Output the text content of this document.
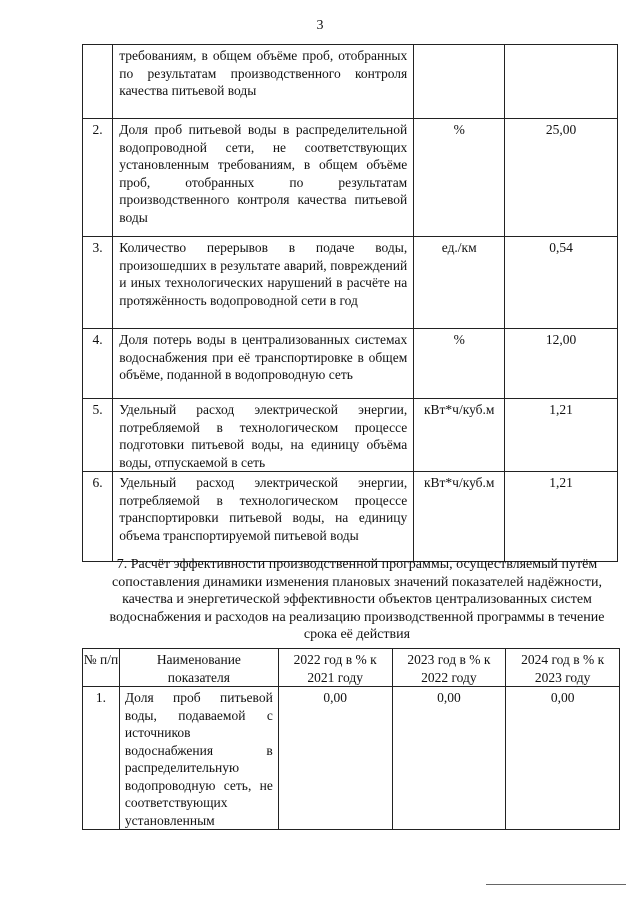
3
	требованиям, в общем объёме проб, отобранных по результатам производственного контроля качества питьевой воды		
2.	Доля проб питьевой воды в распределительной водопроводной сети, не соответствующих установленным требованиям, в общем объёме проб, отобранных по результатам производственного контроля качества питьевой воды	%	25,00
3.	Количество перерывов в подаче воды, произошедших в результате аварий, повреждений и иных технологических нарушений в расчёте на протяжённость водопроводной сети в год	ед./км	0,54
4.	Доля потерь воды в централизованных системах водоснабжения при её транспортировке в общем объёме, поданной в водопроводную сеть	%	12,00
5.	Удельный расход электрической энергии, потребляемой в технологическом процессе подготовки питьевой воды, на единицу объёма воды, отпускаемой в сеть	кВт*ч/куб.м	1,21
6.	Удельный расход электрической энергии, потребляемой в технологическом процессе транспортировки питьевой воды, на единицу объема транспортируемой питьевой воды	кВт*ч/куб.м	1,21
7. Расчёт эффективности производственной программы, осуществляемый путём сопоставления динамики изменения плановых значений показателей надёжности, качества и энергетической эффективности объектов централизованных систем водоснабжения и расходов на реализацию производственной программы в течение срока её действия
№ п/п	Наименование показателя	2022 год в % к 2021 году	2023 год в % к 2022 году	2024 год в % к 2023 году
1.	Доля проб питьевой воды, подаваемой с источников водоснабжения в распределительную водопроводную сеть, не соответствующих установленным	0,00	0,00	0,00
